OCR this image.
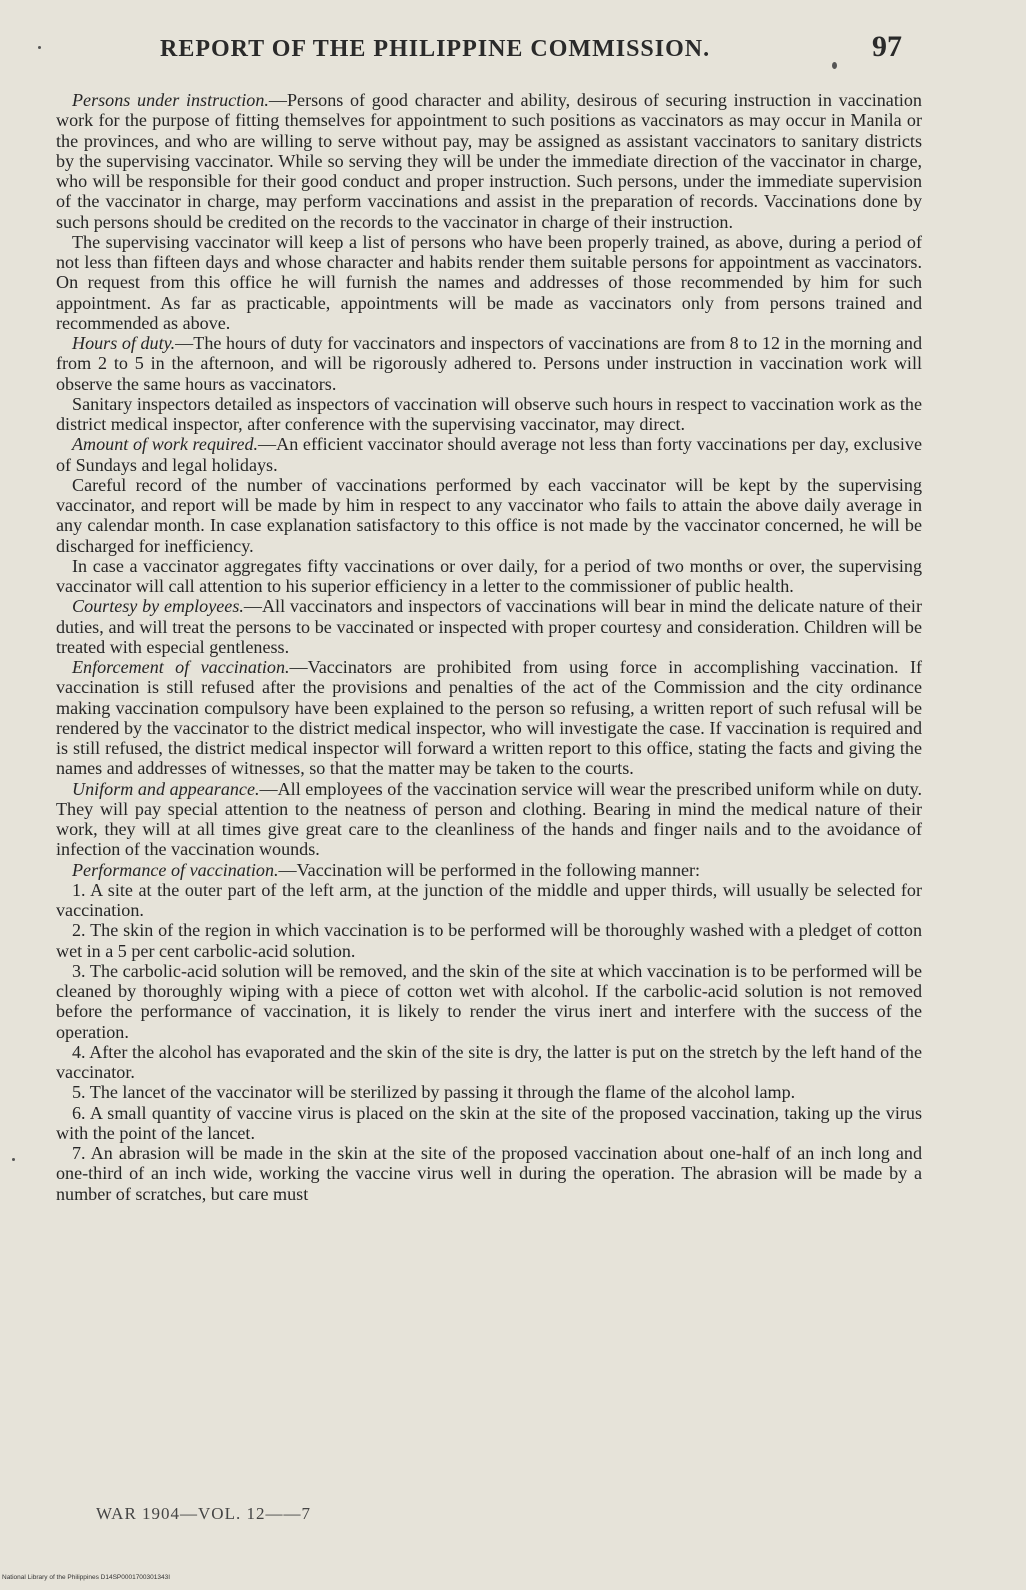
REPORT OF THE PHILIPPINE COMMISSION.	97

Persons under instruction.—Persons of good character and ability, desirous of securing instruction in vaccination work for the purpose of fitting themselves for appointment to such positions as vaccinators as may occur in Manila or the provinces, and who are willing to serve without pay, may be assigned as assistant vaccinators to sanitary districts by the supervising vaccinator. While so serving they will be under the immediate direction of the vaccinator in charge, who will be responsible for their good conduct and proper instruction. Such persons, under the immediate supervision of the vaccinator in charge, may perform vaccinations and assist in the preparation of records. Vaccinations done by such persons should be credited on the records to the vaccinator in charge of their instruction.

The supervising vaccinator will keep a list of persons who have been properly trained, as above, during a period of not less than fifteen days and whose character and habits render them suitable persons for appointment as vaccinators. On request from this office he will furnish the names and addresses of those recommended by him for such appointment. As far as practicable, appointments will be made as vaccinators only from persons trained and recommended as above.

Hours of duty.—The hours of duty for vaccinators and inspectors of vaccinations are from 8 to 12 in the morning and from 2 to 5 in the afternoon, and will be rigorously adhered to. Persons under instruction in vaccination work will observe the same hours as vaccinators.

Sanitary inspectors detailed as inspectors of vaccination will observe such hours in respect to vaccination work as the district medical inspector, after conference with the supervising vaccinator, may direct.

Amount of work required.—An efficient vaccinator should average not less than forty vaccinations per day, exclusive of Sundays and legal holidays.

Careful record of the number of vaccinations performed by each vaccinator will be kept by the supervising vaccinator, and report will be made by him in respect to any vaccinator who fails to attain the above daily average in any calendar month. In case explanation satisfactory to this office is not made by the vaccinator concerned, he will be discharged for inefficiency.

In case a vaccinator aggregates fifty vaccinations or over daily, for a period of two months or over, the supervising vaccinator will call attention to his superior efficiency in a letter to the commissioner of public health.

Courtesy by employees.—All vaccinators and inspectors of vaccinations will bear in mind the delicate nature of their duties, and will treat the persons to be vaccinated or inspected with proper courtesy and consideration. Children will be treated with especial gentleness.

Enforcement of vaccination.—Vaccinators are prohibited from using force in accomplishing vaccination. If vaccination is still refused after the provisions and penalties of the act of the Commission and the city ordinance making vaccination compulsory have been explained to the person so refusing, a written report of such refusal will be rendered by the vaccinator to the district medical inspector, who will investigate the case. If vaccination is required and is still refused, the district medical inspector will forward a written report to this office, stating the facts and giving the names and addresses of witnesses, so that the matter may be taken to the courts.

Uniform and appearance.—All employees of the vaccination service will wear the prescribed uniform while on duty. They will pay special attention to the neatness of person and clothing. Bearing in mind the medical nature of their work, they will at all times give great care to the cleanliness of the hands and finger nails and to the avoidance of infection of the vaccination wounds.

Performance of vaccination.—Vaccination will be performed in the following manner:

1. A site at the outer part of the left arm, at the junction of the middle and upper thirds, will usually be selected for vaccination.

2. The skin of the region in which vaccination is to be performed will be thoroughly washed with a pledget of cotton wet in a 5 per cent carbolic-acid solution.

3. The carbolic-acid solution will be removed, and the skin of the site at which vaccination is to be performed will be cleaned by thoroughly wiping with a piece of cotton wet with alcohol. If the carbolic-acid solution is not removed before the performance of vaccination, it is likely to render the virus inert and interfere with the success of the operation.

4. After the alcohol has evaporated and the skin of the site is dry, the latter is put on the stretch by the left hand of the vaccinator.

5. The lancet of the vaccinator will be sterilized by passing it through the flame of the alcohol lamp.

6. A small quantity of vaccine virus is placed on the skin at the site of the proposed vaccination, taking up the virus with the point of the lancet.

7. An abrasion will be made in the skin at the site of the proposed vaccination about one-half of an inch long and one-third of an inch wide, working the vaccine virus well in during the operation. The abrasion will be made by a number of scratches, but care must

WAR 1904—VOL. 12——7
National Library of the Philippines D14SP0001700301343I
